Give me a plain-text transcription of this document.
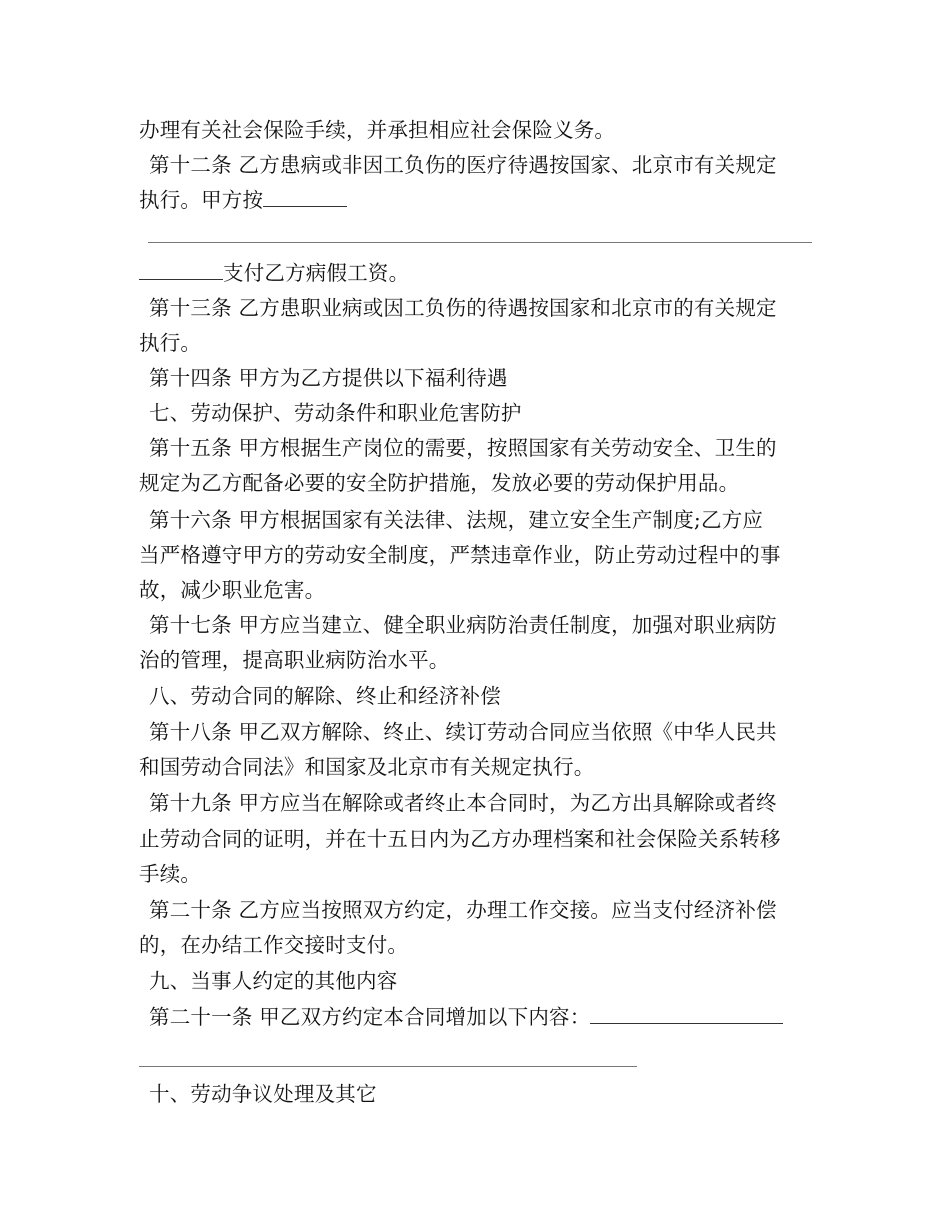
办理有关社会保险手续，并承担相应社会保险义务。
第十二条 乙方患病或非因工负伤的医疗待遇按国家、北京市有关规定
执行。甲方按
支付乙方病假工资。
第十三条 乙方患职业病或因工负伤的待遇按国家和北京市的有关规定
执行。
第十四条 甲方为乙方提供以下福利待遇
七、劳动保护、劳动条件和职业危害防护
第十五条 甲方根据生产岗位的需要，按照国家有关劳动安全、卫生的
规定为乙方配备必要的安全防护措施，发放必要的劳动保护用品。
第十六条 甲方根据国家有关法律、法规，建立安全生产制度;乙方应
当严格遵守甲方的劳动安全制度，严禁违章作业，防止劳动过程中的事
故，减少职业危害。
第十七条 甲方应当建立、健全职业病防治责任制度，加强对职业病防
治的管理，提高职业病防治水平。
八、劳动合同的解除、终止和经济补偿
第十八条 甲乙双方解除、终止、续订劳动合同应当依照《中华人民共
和国劳动合同法》和国家及北京市有关规定执行。
第十九条 甲方应当在解除或者终止本合同时，为乙方出具解除或者终
止劳动合同的证明，并在十五日内为乙方办理档案和社会保险关系转移
手续。
第二十条 乙方应当按照双方约定，办理工作交接。应当支付经济补偿
的，在办结工作交接时支付。
九、当事人约定的其他内容
第二十一条 甲乙双方约定本合同增加以下内容：
十、劳动争议处理及其它
